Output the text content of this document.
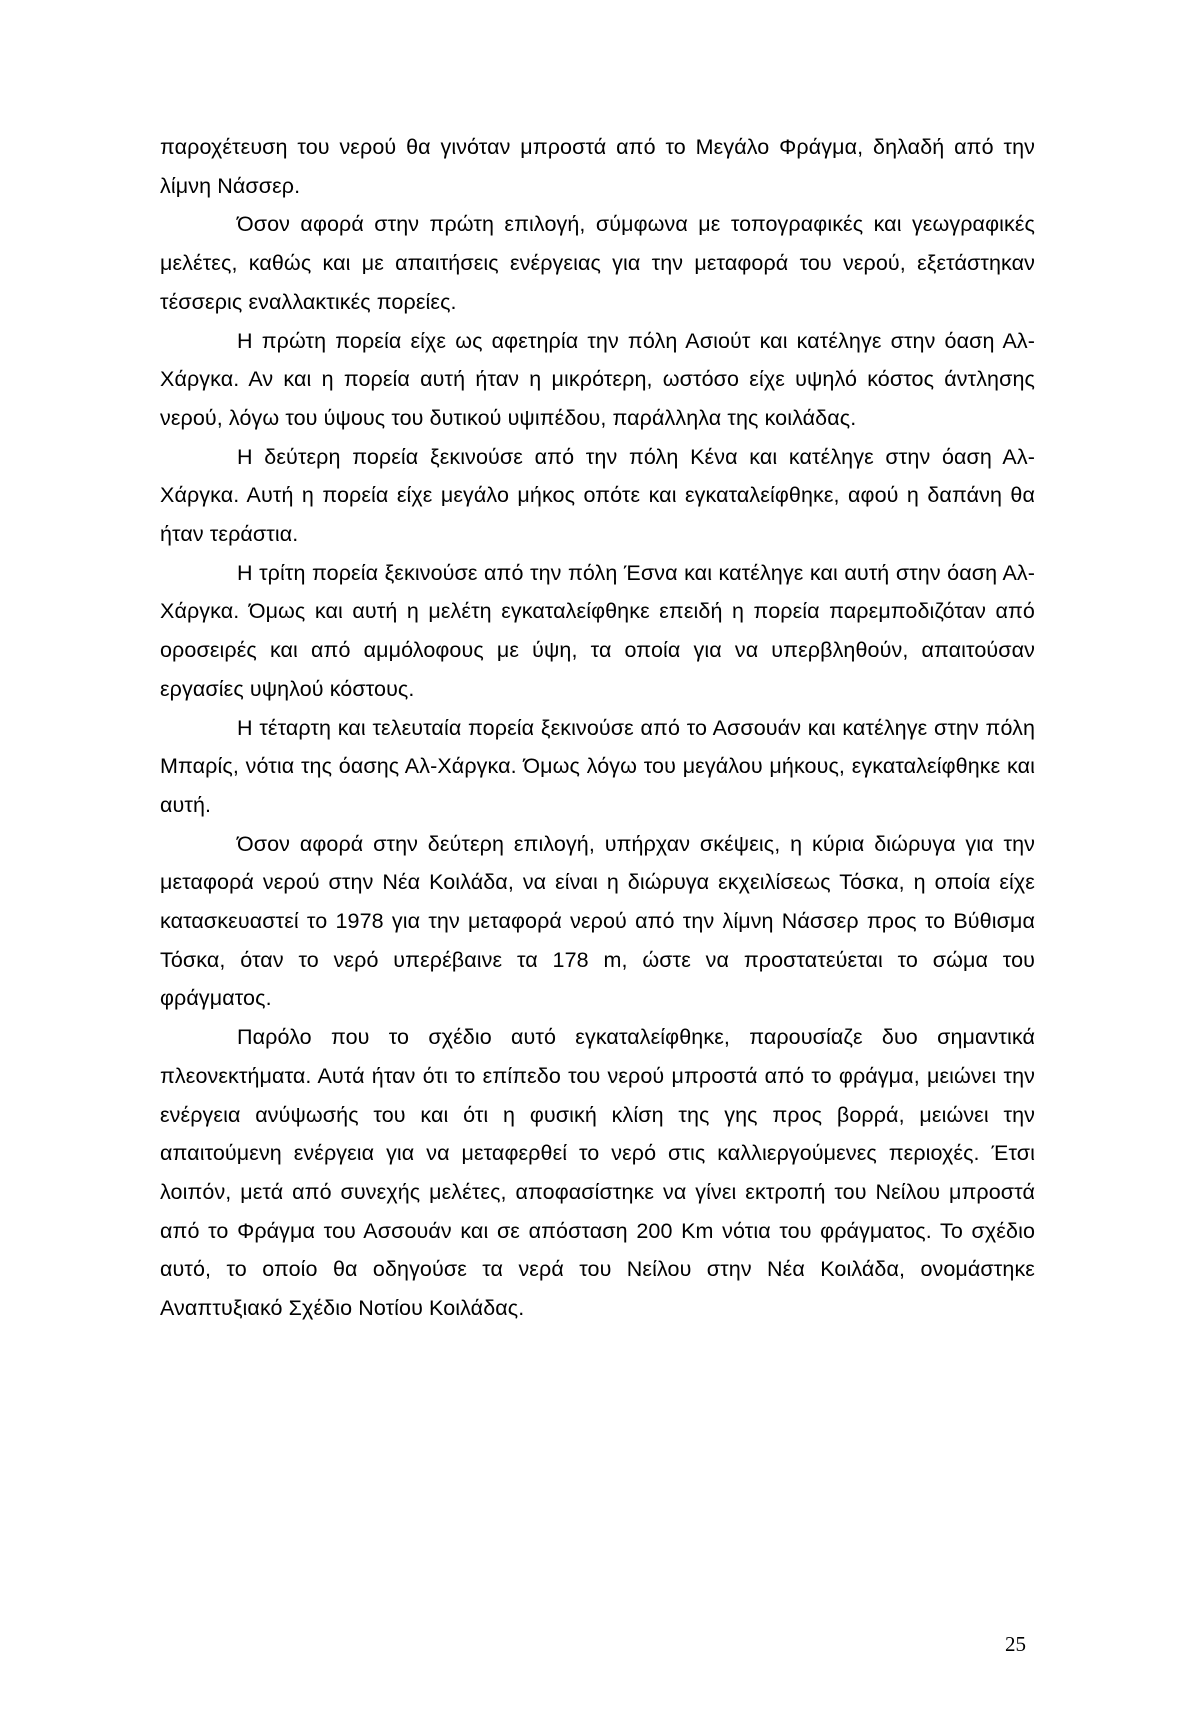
παροχέτευση του νερού θα γινόταν μπροστά από το Μεγάλο Φράγμα, δηλαδή από την λίμνη Νάσσερ.

Όσον αφορά στην πρώτη επιλογή, σύμφωνα με τοπογραφικές και γεωγραφικές μελέτες, καθώς και με απαιτήσεις ενέργειας για την μεταφορά του νερού, εξετάστηκαν τέσσερις εναλλακτικές πορείες.

Η πρώτη πορεία είχε ως αφετηρία την πόλη Ασιούτ και κατέληγε στην όαση Αλ-Χάργκα. Αν και η πορεία αυτή ήταν η μικρότερη, ωστόσο είχε υψηλό κόστος άντλησης νερού, λόγω του ύψους του δυτικού υψιπέδου, παράλληλα της κοιλάδας.

Η δεύτερη πορεία ξεκινούσε από την πόλη Κένα και κατέληγε στην όαση Αλ-Χάργκα. Αυτή η πορεία είχε μεγάλο μήκος οπότε και εγκαταλείφθηκε, αφού η δαπάνη θα ήταν τεράστια.

Η τρίτη πορεία ξεκινούσε από την πόλη Έσνα και κατέληγε και αυτή στην όαση Αλ-Χάργκα. Όμως και αυτή η μελέτη εγκαταλείφθηκε επειδή η πορεία παρεμποδιζόταν από οροσειρές και από αμμόλοφους με ύψη, τα οποία για να υπερβληθούν, απαιτούσαν εργασίες υψηλού κόστους.

Η τέταρτη και τελευταία πορεία ξεκινούσε από το Ασσουάν και κατέληγε στην πόλη Μπαρίς, νότια της όασης Αλ-Χάργκα. Όμως λόγω του μεγάλου μήκους, εγκαταλείφθηκε και αυτή.

Όσον αφορά στην δεύτερη επιλογή, υπήρχαν σκέψεις, η κύρια διώρυγα για την μεταφορά νερού στην Νέα Κοιλάδα, να είναι η διώρυγα εκχειλίσεως Τόσκα, η οποία είχε κατασκευαστεί το 1978 για την μεταφορά νερού από την λίμνη Νάσσερ προς το Βύθισμα Τόσκα, όταν το νερό υπερέβαινε τα 178 m, ώστε να προστατεύεται το σώμα του φράγματος.

Παρόλο που το σχέδιο αυτό εγκαταλείφθηκε, παρουσίαζε δυο σημαντικά πλεονεκτήματα. Αυτά ήταν ότι το επίπεδο του νερού μπροστά από το φράγμα, μειώνει την ενέργεια ανύψωσής του και ότι η φυσική κλίση της γης προς βορρά, μειώνει την απαιτούμενη ενέργεια για να μεταφερθεί το νερό στις καλλιεργούμενες περιοχές. Έτσι λοιπόν, μετά από συνεχής μελέτες, αποφασίστηκε να γίνει εκτροπή του Νείλου μπροστά από το Φράγμα του Ασσουάν και σε απόσταση 200 Km νότια του φράγματος. Το σχέδιο αυτό, το οποίο θα οδηγούσε τα νερά του Νείλου στην Νέα Κοιλάδα, ονομάστηκε Αναπτυξιακό Σχέδιο Νοτίου Κοιλάδας.

25
